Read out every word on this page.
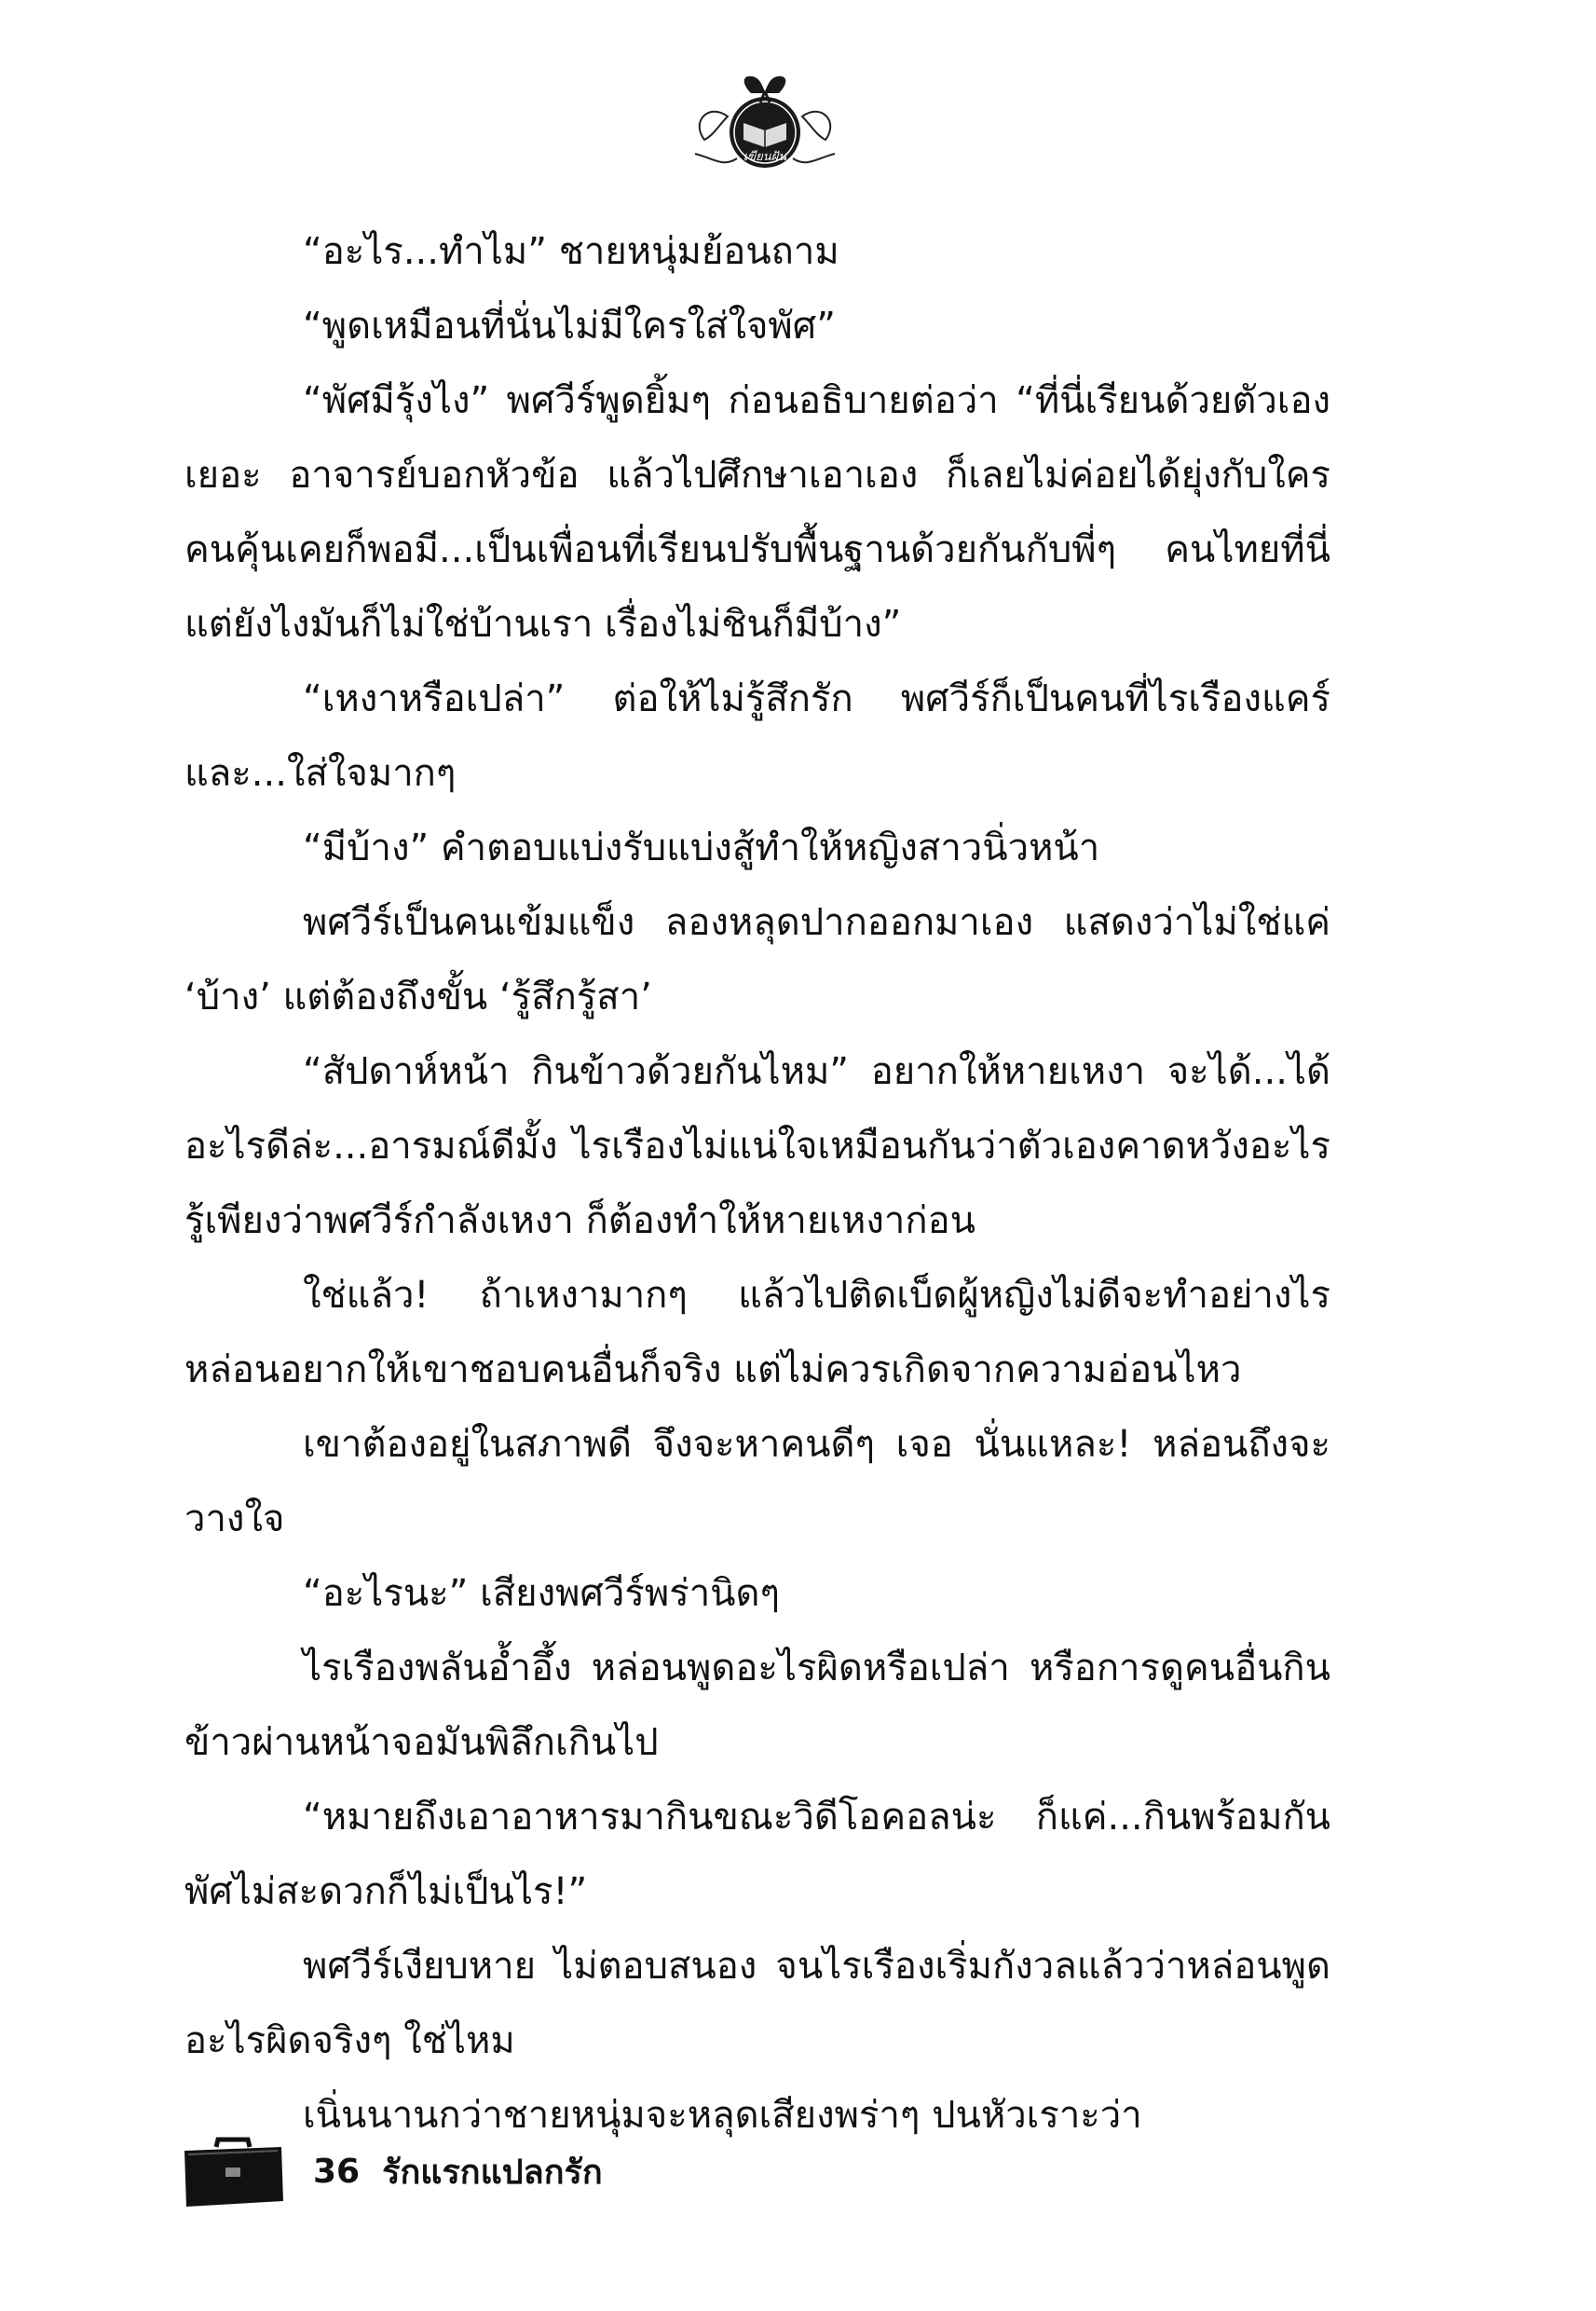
เขียนฝัน

“อะไร...ทำไม” ชายหนุ่มย้อนถาม

“พูดเหมือนที่นั่นไม่มีใครใส่ใจพัศ”

“พัศมีรุ้งไง” พศวีร์พูดยิ้มๆ ก่อนอธิบายต่อว่า “ที่นี่เรียนด้วยตัวเองเยอะ อาจารย์บอกหัวข้อ แล้วไปศึกษาเอาเอง ก็เลยไม่ค่อยได้ยุ่งกับใคร คนคุ้นเคยก็พอมี...เป็นเพื่อนที่เรียนปรับพื้นฐานด้วยกันกับพี่ๆ คนไทยที่นี่ แต่ยังไงมันก็ไม่ใช่บ้านเรา เรื่องไม่ชินก็มีบ้าง”

“เหงาหรือเปล่า” ต่อให้ไม่รู้สึกรัก พศวีร์ก็เป็นคนที่ไรเรืองแคร์และ...ใส่ใจมากๆ

“มีบ้าง” คำตอบแบ่งรับแบ่งสู้ทำให้หญิงสาวนิ่วหน้า

พศวีร์เป็นคนเข้มแข็ง ลองหลุดปากออกมาเอง แสดงว่าไม่ใช่แค่ ‘บ้าง’ แต่ต้องถึงขั้น ‘รู้สึกรู้สา’

“สัปดาห์หน้า กินข้าวด้วยกันไหม” อยากให้หายเหงา จะได้...ได้อะไรดีล่ะ...อารมณ์ดีมั้ง ไรเรืองไม่แน่ใจเหมือนกันว่าตัวเองคาดหวังอะไร รู้เพียงว่าพศวีร์กำลังเหงา ก็ต้องทำให้หายเหงาก่อน

ใช่แล้ว! ถ้าเหงามากๆ แล้วไปติดเบ็ดผู้หญิงไม่ดีจะทำอย่างไร หล่อนอยากให้เขาชอบคนอื่นก็จริง แต่ไม่ควรเกิดจากความอ่อนไหว

เขาต้องอยู่ในสภาพดี จึงจะหาคนดีๆ เจอ นั่นแหละ! หล่อนถึงจะวางใจ

“อะไรนะ” เสียงพศวีร์พร่านิดๆ

ไรเรืองพลันอ้ำอึ้ง หล่อนพูดอะไรผิดหรือเปล่า หรือการดูคนอื่นกินข้าวผ่านหน้าจอมันพิลึกเกินไป

“หมายถึงเอาอาหารมากินขณะวิดีโอคอลน่ะ ก็แค่...กินพร้อมกัน พัศไม่สะดวกก็ไม่เป็นไร!”

พศวีร์เงียบหาย ไม่ตอบสนอง จนไรเรืองเริ่มกังวลแล้วว่าหล่อนพูดอะไรผิดจริงๆ ใช่ไหม

เนิ่นนานกว่าชายหนุ่มจะหลุดเสียงพร่าๆ ปนหัวเราะว่า

36 รักแรกแปลกรัก
